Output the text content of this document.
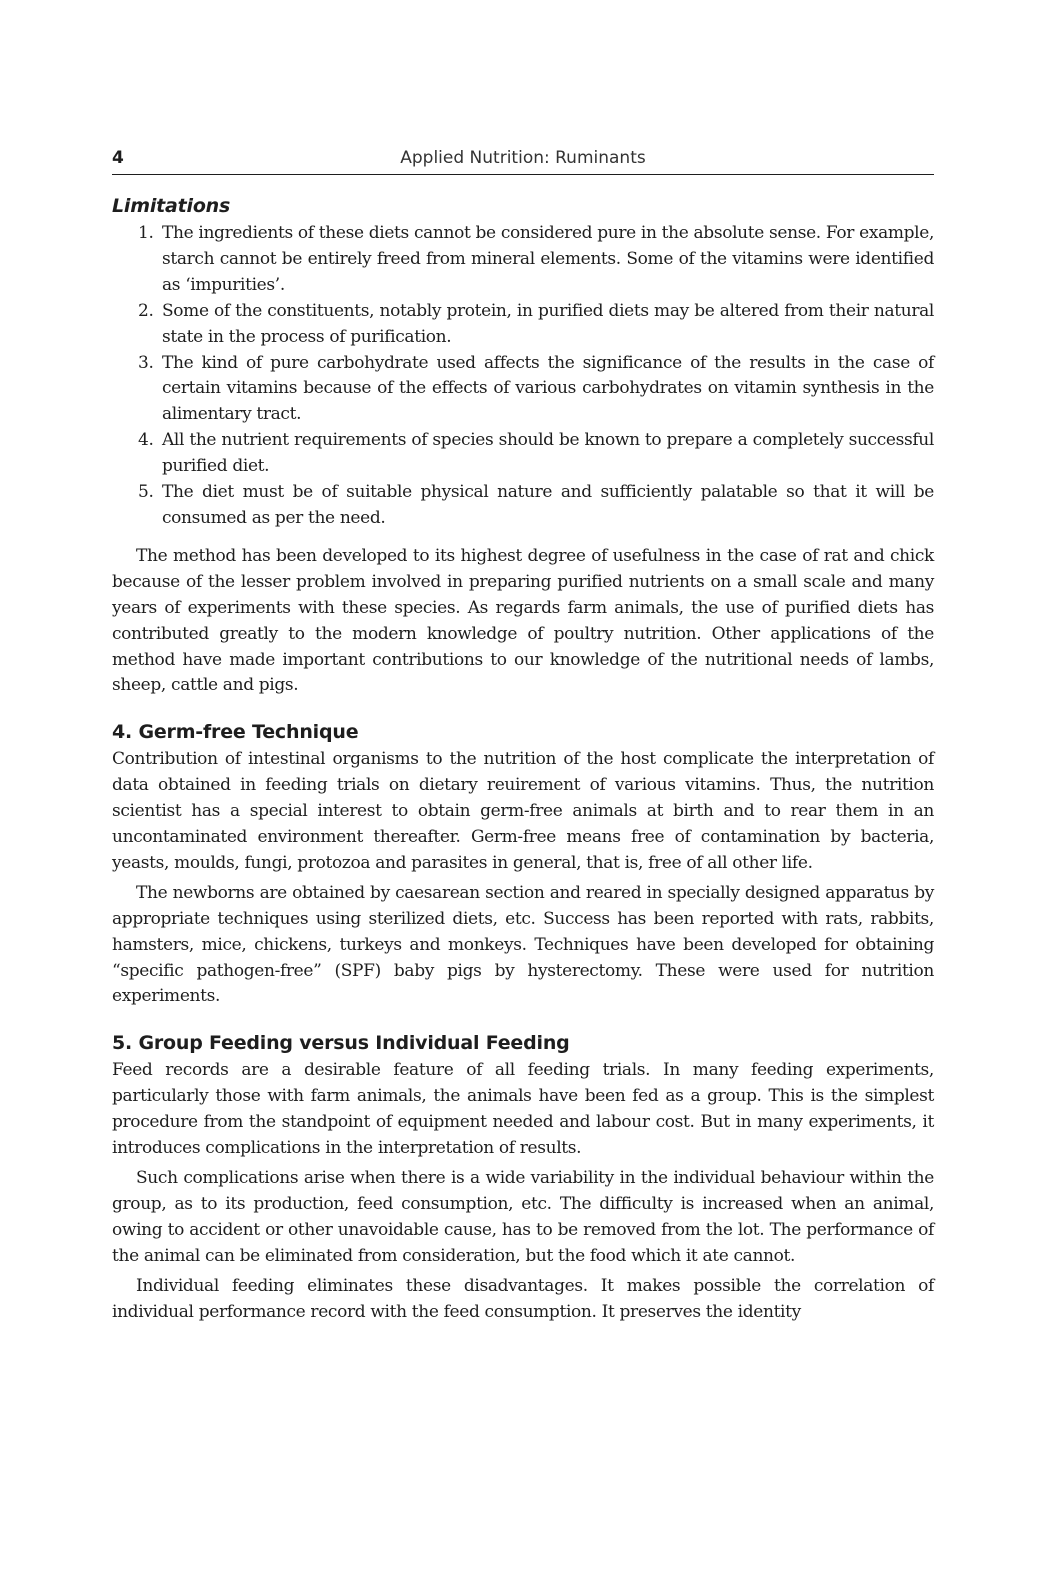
4	Applied Nutrition: Ruminants
Limitations
1. The ingredients of these diets cannot be considered pure in the absolute sense. For example, starch cannot be entirely freed from mineral elements. Some of the vitamins were identified as ‘impurities’.
2. Some of the constituents, notably protein, in purified diets may be altered from their natural state in the process of purification.
3. The kind of pure carbohydrate used affects the significance of the results in the case of certain vitamins because of the effects of various carbohydrates on vitamin synthesis in the alimentary tract.
4. All the nutrient requirements of species should be known to prepare a completely successful purified diet.
5. The diet must be of suitable physical nature and sufficiently palatable so that it will be consumed as per the need.

The method has been developed to its highest degree of usefulness in the case of rat and chick because of the lesser problem involved in preparing purified nutrients on a small scale and many years of experiments with these species. As regards farm animals, the use of purified diets has contributed greatly to the modern knowledge of poultry nutrition. Other applications of the method have made important contributions to our knowledge of the nutritional needs of lambs, sheep, cattle and pigs.

4. Germ-free Technique

Contribution of intestinal organisms to the nutrition of the host complicate the interpretation of data obtained in feeding trials on dietary reuirement of various vitamins. Thus, the nutrition scientist has a special interest to obtain germ-free animals at birth and to rear them in an uncontaminated environment thereafter. Germ-free means free of contamination by bacteria, yeasts, moulds, fungi, protozoa and parasites in general, that is, free of all other life.

The newborns are obtained by caesarean section and reared in specially designed apparatus by appropriate techniques using sterilized diets, etc. Success has been reported with rats, rabbits, hamsters, mice, chickens, turkeys and monkeys. Techniques have been developed for obtaining “specific pathogen-free” (SPF) baby pigs by hysterectomy. These were used for nutrition experiments.

5. Group Feeding versus Individual Feeding

Feed records are a desirable feature of all feeding trials. In many feeding experiments, particularly those with farm animals, the animals have been fed as a group. This is the simplest procedure from the standpoint of equipment needed and labour cost. But in many experiments, it introduces complications in the interpretation of results.

Such complications arise when there is a wide variability in the individual behaviour within the group, as to its production, feed consumption, etc. The difficulty is increased when an animal, owing to accident or other unavoidable cause, has to be removed from the lot. The performance of the animal can be eliminated from consideration, but the food which it ate cannot.

Individual feeding eliminates these disadvantages. It makes possible the correlation of individual performance record with the feed consumption. It preserves the identity
